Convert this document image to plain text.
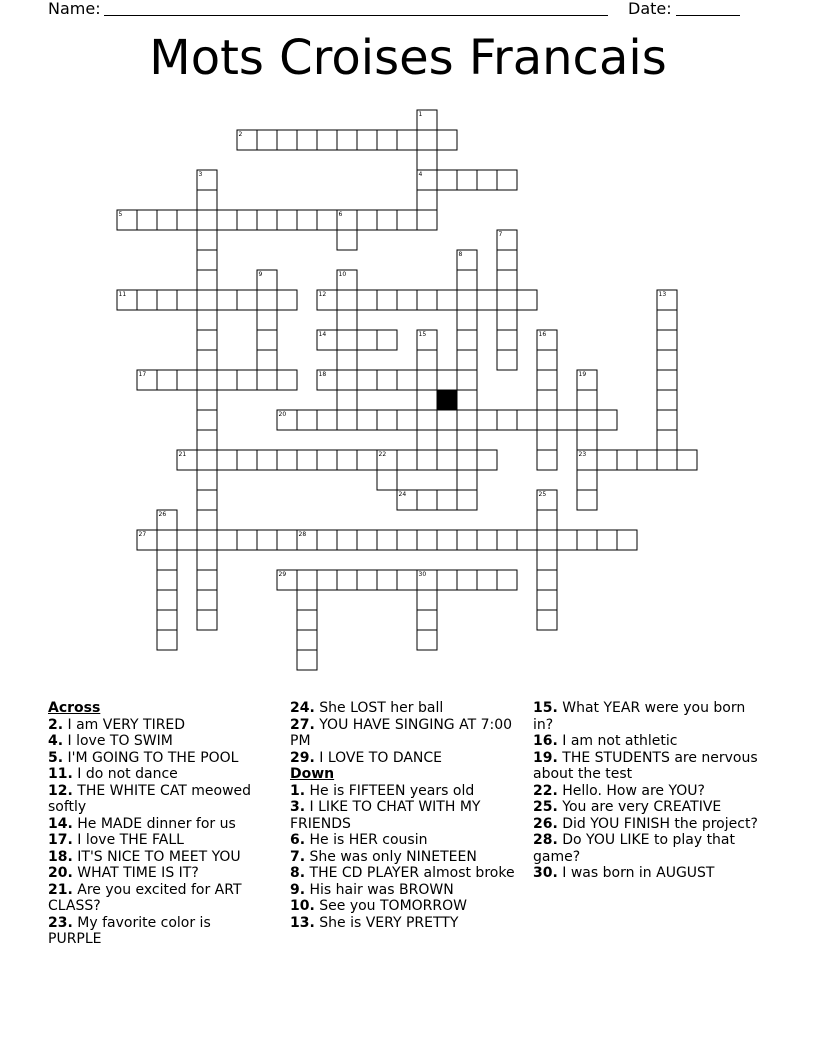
Name:	Date:
Mots Croises Francais
1
2
3	4
5	6
7
8
9	10
11	12	13
14	15	16
17	18	19
20
21	22	23
24	25
26
27	28
29	30
Across

2. I am VERY TIRED

4. I love TO SWIM

5. I'M GOING TO THE POOL

11. I do not dance

12. THE WHITE CAT meowed softly

14. He MADE dinner for us

17. I love THE FALL

18. IT'S NICE TO MEET YOU

20. WHAT TIME IS IT?

21. Are you excited for ART CLASS?

23. My favorite color is PURPLE

24. She LOST her ball

27. YOU HAVE SINGING AT 7:00 PM

29. I LOVE TO DANCE

Down

1. He is FIFTEEN years old

3. I LIKE TO CHAT WITH MY FRIENDS

6. He is HER cousin

7. She was only NINETEEN

8. THE CD PLAYER almost broke

9. His hair was BROWN

10. See you TOMORROW

13. She is VERY PRETTY

15. What YEAR were you born in?

16. I am not athletic

19. THE STUDENTS are nervous about the test

22. Hello. How are YOU?

25. You are very CREATIVE

26. Did YOU FINISH the project?

28. Do YOU LIKE to play that game?

30. I was born in AUGUST
